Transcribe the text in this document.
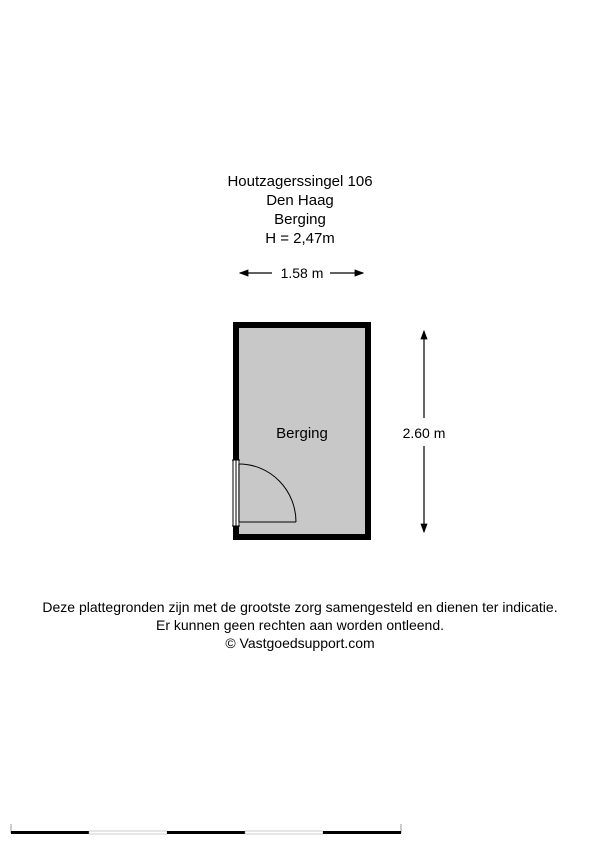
Houtzagerssingel 106
Den Haag
Berging
H = 2,47m
1.58 m
Berging	2.60 m
Deze plattegronden zijn met de grootste zorg samengesteld en dienen ter indicatie.
Er kunnen geen rechten aan worden ontleend.
© Vastgoedsupport.com
